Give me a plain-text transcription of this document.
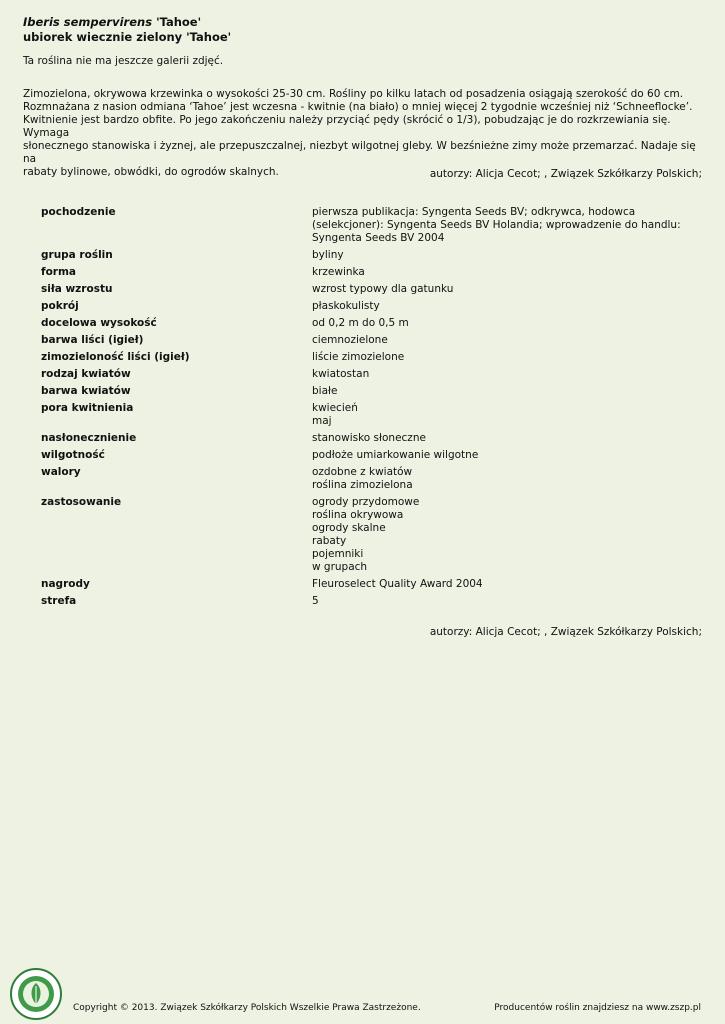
Iberis sempervirens 'Tahoe'
ubiorek wiecznie zielony 'Tahoe'
Ta roślina nie ma jeszcze galerii zdjęć.
Zimozielona, okrywowa krzewinka o wysokości 25-30 cm. Rośliny po kilku latach od posadzenia osiągają szerokość do 60 cm.
Rozmnażana z nasion odmiana ‘Tahoe’ jest wczesna - kwitnie (na biało) o mniej więcej 2 tygodnie wcześniej niż ‘Schneeflocke’.
Kwitnienie jest bardzo obfite. Po jego zakończeniu należy przyciąć pędy (skrócić o 1/3), pobudzając je do rozkrzewiania się. Wymaga
słonecznego stanowiska i żyznej, ale przepuszczalnej, niezbyt wilgotnej gleby. W bezśnieżne zimy może przemarzać. Nadaje się na
rabaty bylinowe, obwódki, do ogrodów skalnych.	autorzy: Alicja Cecot; , Związek Szkółkarzy Polskich;
pochodzenie	pierwsza publikacja: Syngenta Seeds BV; odkrywca, hodowca (selekcjoner): Syngenta Seeds BV Holandia; wprowadzenie do handlu: Syngenta Seeds BV 2004
grupa roślin	byliny
forma	krzewinka
siła wzrostu	wzrost typowy dla gatunku
pokrój	płaskokulisty
docelowa wysokość	od 0,2 m do 0,5 m
barwa liści (igieł)	ciemnozielone
zimozieloność liści (igieł)	liście zimozielone
rodzaj kwiatów	kwiatostan
barwa kwiatów	białe
pora kwitnienia	kwiecień
maj
nasłonecznienie	stanowisko słoneczne
wilgotność	podłoże umiarkowanie wilgotne
walory	ozdobne z kwiatów
roślina zimozielona
zastosowanie	ogrody przydomowe
roślina okrywowa
ogrody skalne
rabaty
pojemniki
w grupach
nagrody	Fleuroselect Quality Award 2004
strefa	5
autorzy: Alicja Cecot; , Związek Szkółkarzy Polskich;
Copyright © 2013. Związek Szkółkarzy Polskich Wszelkie Prawa Zastrzeżone.	Producentów roślin znajdziesz na www.zszp.pl
